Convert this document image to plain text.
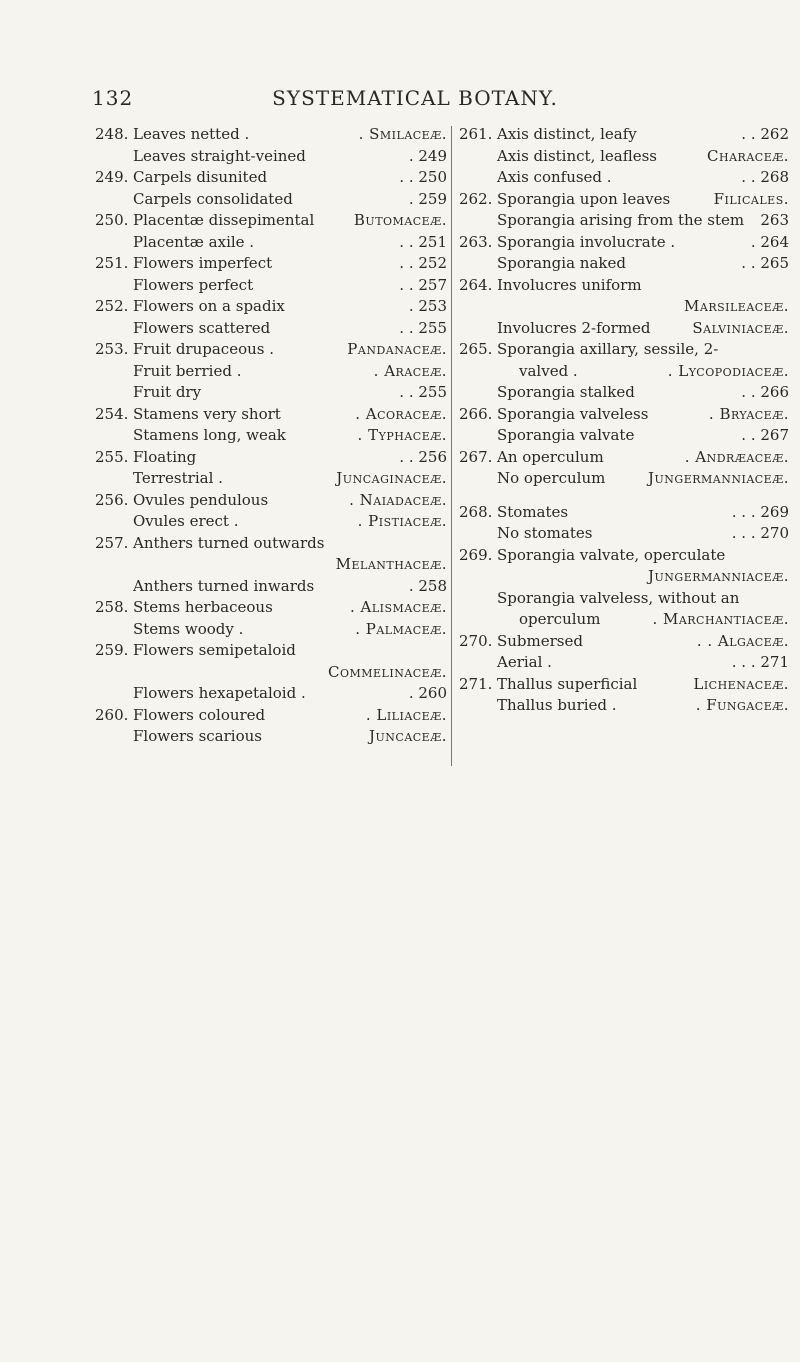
132	SYSTEMATICAL BOTANY.
248. Leaves netted .	. Smilaceæ.
Leaves straight-veined	. 249
249. Carpels disunited	. . 250
Carpels consolidated	. 259
250. Placentæ dissepimental	Butomaceæ.
Placentæ axile .	. . 251
251. Flowers imperfect	. . 252
Flowers perfect	. . 257
252. Flowers on a spadix	. 253
Flowers scattered	. . 255
253. Fruit drupaceous .	Pandanaceæ.
Fruit berried .	. Araceæ.
Fruit dry	. . 255
254. Stamens very short	. Acoraceæ.
Stamens long, weak	. Typhaceæ.
255. Floating	. . 256
Terrestrial .	Juncaginaceæ.
256. Ovules pendulous	. Naiadaceæ.
Ovules erect .	. Pistiaceæ.
257. Anthers turned outwards
Melanthaceæ.
Anthers turned inwards	. 258
258. Stems herbaceous	. Alismaceæ.
Stems woody .	. Palmaceæ.
259. Flowers semipetaloid
Commelinaceæ.
Flowers hexapetaloid .	. 260
260. Flowers coloured	. Liliaceæ.
Flowers scarious	Juncaceæ.
261. Axis distinct, leafy	. . 262
Axis distinct, leafless	Characeæ.
Axis confused .	. . 268
262. Sporangia upon leaves	Filicales.
Sporangia arising from the stem 263
263. Sporangia involucrate .	. 264
Sporangia naked	. . 265
264. Involucres uniform
Marsileaceæ.
Involucres 2-formed	Salviniaceæ.
265. Sporangia axillary, sessile, 2-
valved .	. Lycopodiaceæ.
Sporangia stalked	. . 266
266. Sporangia valveless	. Bryaceæ.
Sporangia valvate	. . 267
267. An operculum	. Andræaceæ.
No operculum	Jungermanniaceæ.
268. Stomates	. . . 269
No stomates	. . . 270
269. Sporangia valvate, operculate
Jungermanniaceæ.
Sporangia valveless, without an
operculum	. Marchantiaceæ.
270. Submersed	. . Algaceæ.
Aerial .	. . . 271
271. Thallus superficial	Lichenaceæ.
Thallus buried .	. Fungaceæ.
